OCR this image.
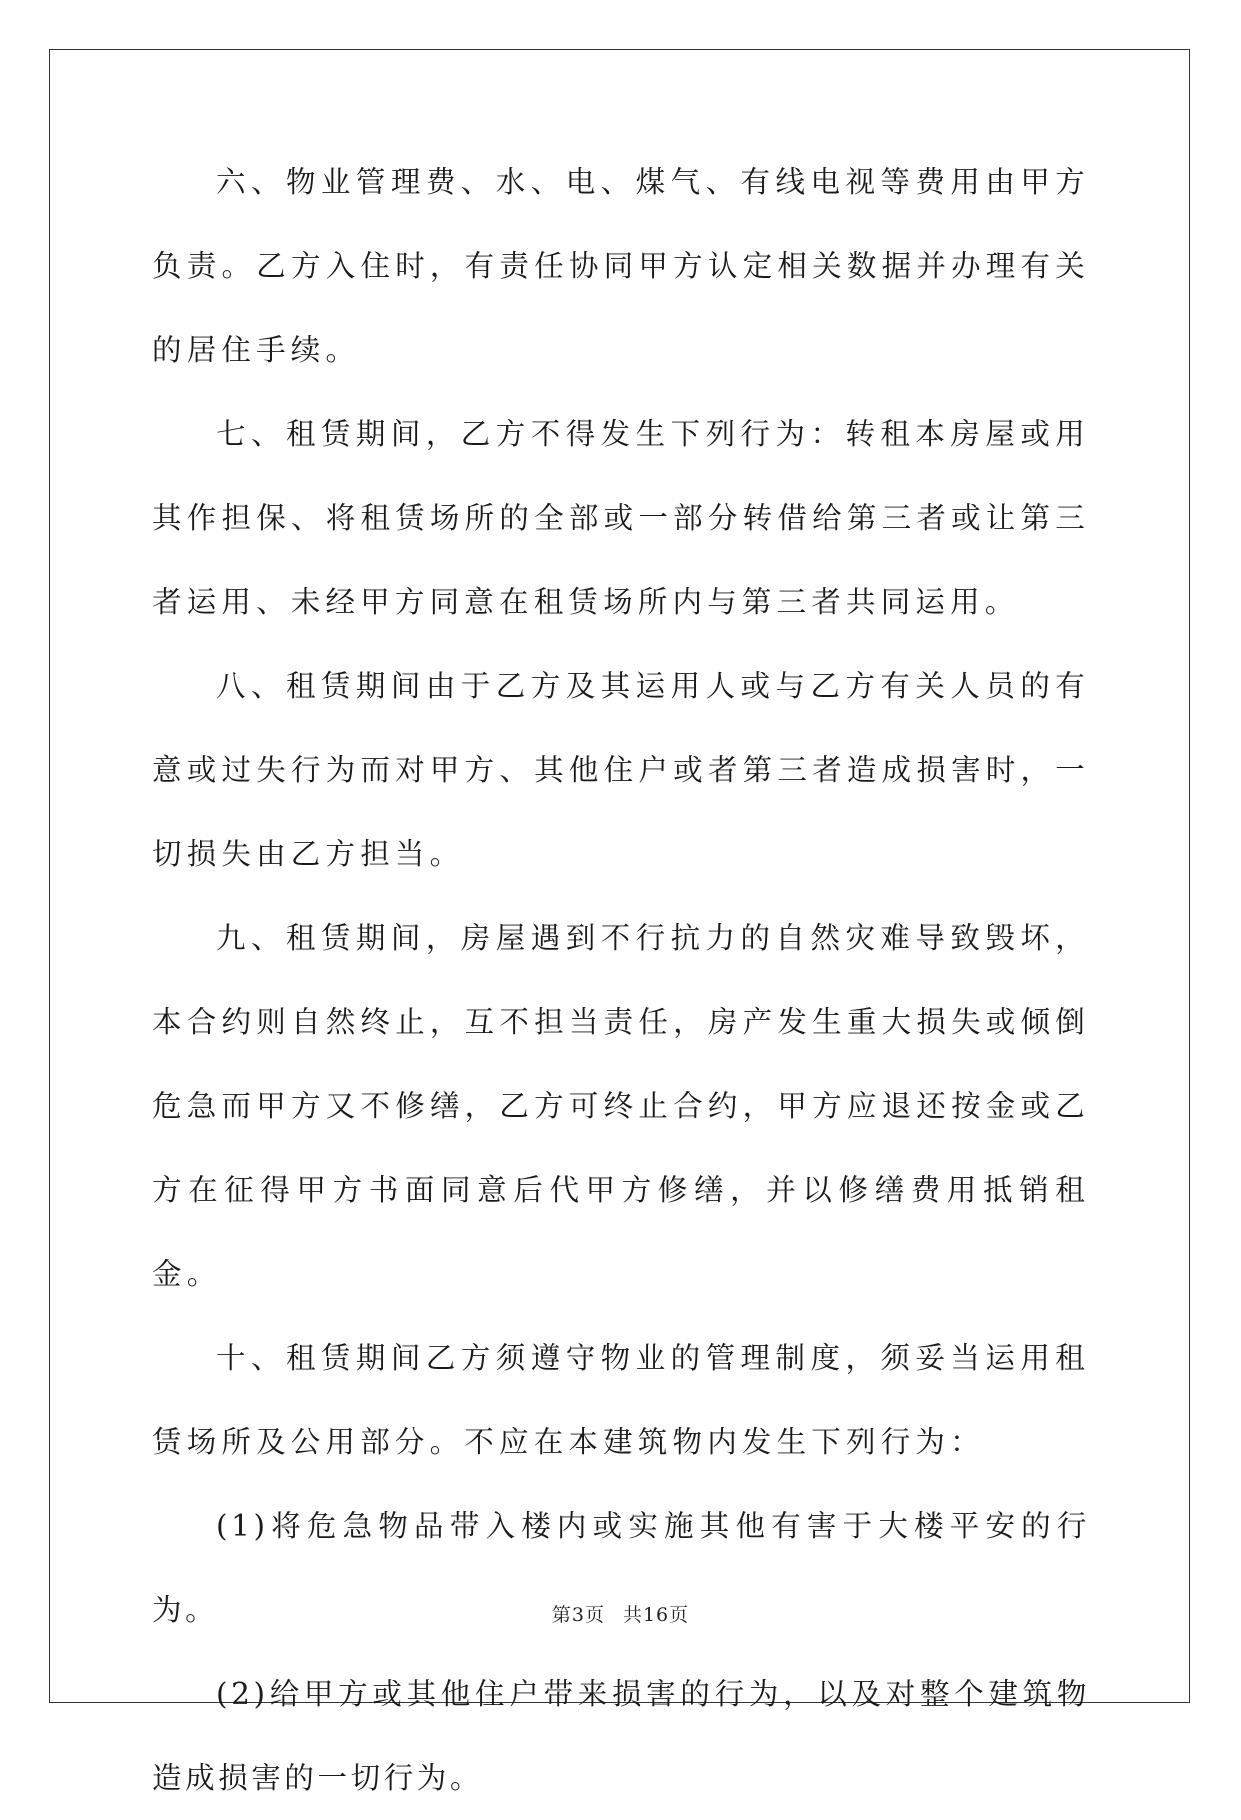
六、物业管理费、水、电、煤气、有线电视等费用由甲方负责。乙方入住时，有责任协同甲方认定相关数据并办理有关的居住手续。

七、租赁期间，乙方不得发生下列行为：转租本房屋或用其作担保、将租赁场所的全部或一部分转借给第三者或让第三者运用、未经甲方同意在租赁场所内与第三者共同运用。

八、租赁期间由于乙方及其运用人或与乙方有关人员的有意或过失行为而对甲方、其他住户或者第三者造成损害时，一切损失由乙方担当。

九、租赁期间，房屋遇到不行抗力的自然灾难导致毁坏，本合约则自然终止，互不担当责任，房产发生重大损失或倾倒危急而甲方又不修缮，乙方可终止合约，甲方应退还按金或乙方在征得甲方书面同意后代甲方修缮，并以修缮费用抵销租金。

十、租赁期间乙方须遵守物业的管理制度，须妥当运用租赁场所及公用部分。不应在本建筑物内发生下列行为：

(1)将危急物品带入楼内或实施其他有害于大楼平安的行为。

(2)给甲方或其他住户带来损害的行为，以及对整个建筑物造成损害的一切行为。

第3页 共16页
